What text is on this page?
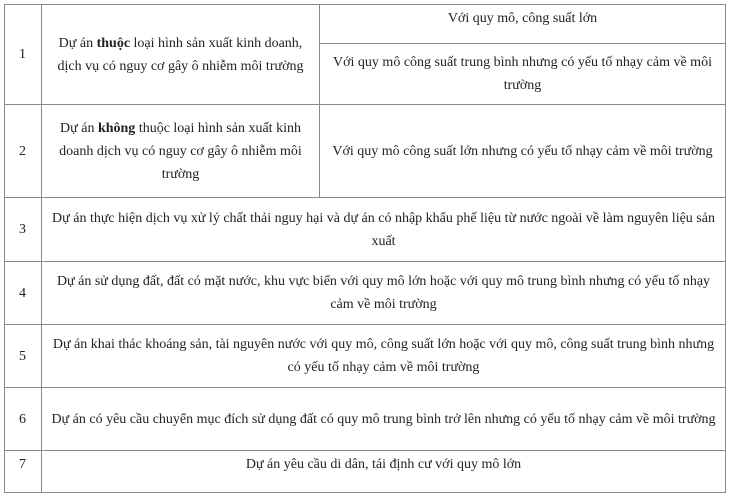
1	Dự án thuộc loại hình sản xuất kinh doanh, dịch vụ có nguy cơ gây ô nhiễm môi trường	Với quy mô, công suất lớn
		Với quy mô công suất trung bình nhưng có yếu tố nhạy cảm về môi trường
2	Dự án không thuộc loại hình sản xuất kinh doanh dịch vụ có nguy cơ gây ô nhiễm môi trường	Với quy mô công suất lớn nhưng có yếu tố nhạy cảm về môi trường
3	Dự án thực hiện dịch vụ xử lý chất thải nguy hại và dự án có nhập khẩu phế liệu từ nước ngoài về làm nguyên liệu sản xuất	
4	Dự án sử dụng đất, đất có mặt nước, khu vực biển với quy mô lớn hoặc với quy mô trung bình nhưng có yếu tố nhạy cảm về môi trường	
5	Dự án khai thác khoáng sản, tài nguyên nước với quy mô, công suất lớn hoặc với quy mô, công suất trung bình nhưng có yếu tố nhạy cảm về môi trường	
6	Dự án có yêu cầu chuyển mục đích sử dụng đất có quy mô trung bình trở lên nhưng có yếu tố nhạy cảm về môi trường	
7	Dự án yêu cầu di dân, tái định cư với quy mô lớn	
